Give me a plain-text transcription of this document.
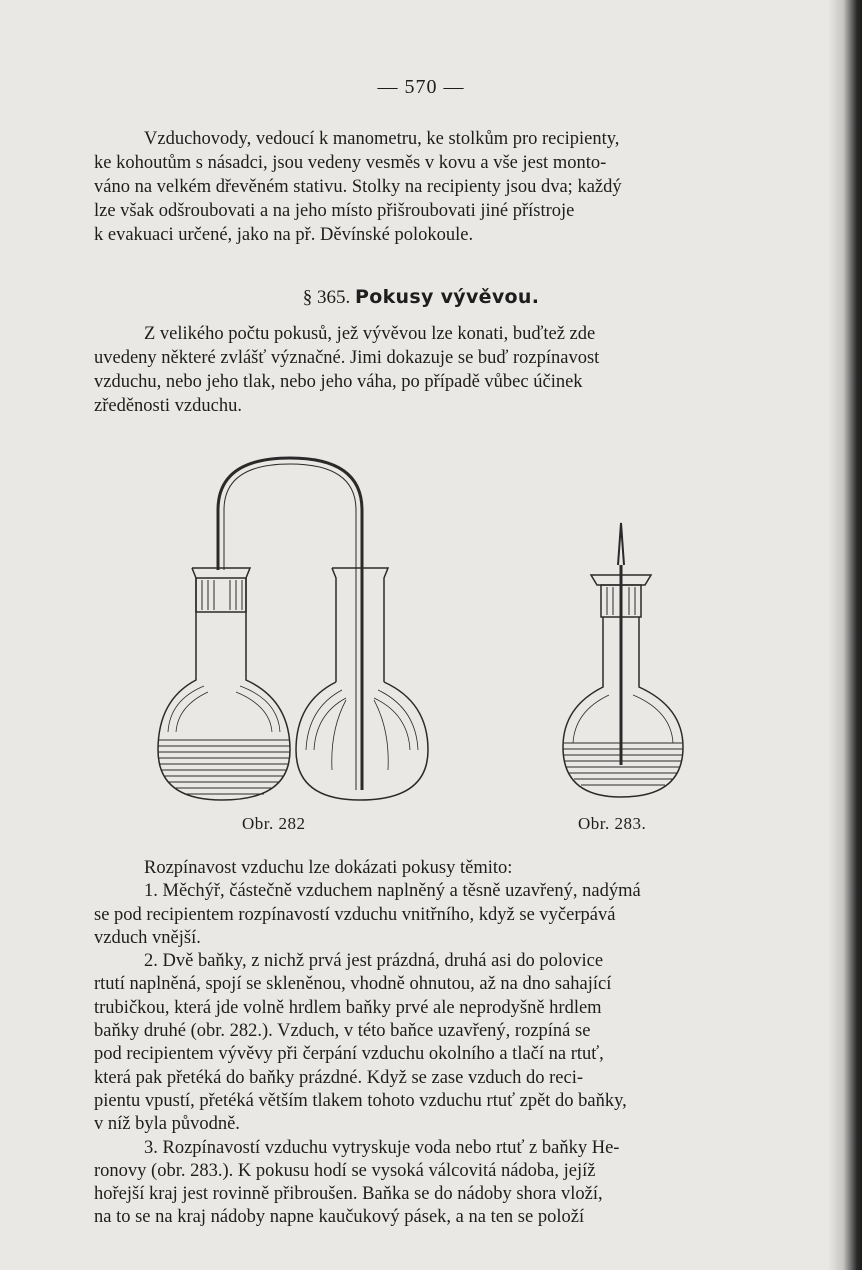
— 570 —

Vzduchovody, vedoucí k manometru, ke stolkům pro recipienty,

ke kohoutům s násadci, jsou vedeny vesměs v kovu a vše jest monto-

váno na velkém dřevěném stativu. Stolky na recipienty jsou dva; každý

lze však odšroubovati a na jeho místo přišroubovati jiné přístroje

k evakuaci určené, jako na př. Děvínské polokoule.

§ 365. Pokusy vývěvou.

Z velikého počtu pokusů, jež vývěvou lze konati, buďtež zde

uvedeny některé zvlášť význačné. Jimi dokazuje se buď rozpínavost

vzduchu, nebo jeho tlak, nebo jeho váha, po případě vůbec účinek

zředěnosti vzduchu.

Obr. 282	Obr. 283.

Rozpínavost vzduchu lze dokázati pokusy těmito:

1. Měchýř, částečně vzduchem naplněný a těsně uzavřený, nadýmá

se pod recipientem rozpínavostí vzduchu vnitřního, když se vyčerpává

vzduch vnější.

2. Dvě baňky, z nichž prvá jest prázdná, druhá asi do polovice

rtutí naplněná, spojí se skleněnou, vhodně ohnutou, až na dno sahající

trubičkou, která jde volně hrdlem baňky prvé ale neprodyšně hrdlem

baňky druhé (obr. 282.). Vzduch, v této baňce uzavřený, rozpíná se

pod recipientem vývěvy při čerpání vzduchu okolního a tlačí na rtuť,

která pak přetéká do baňky prázdné. Když se zase vzduch do reci-

pientu vpustí, přetéká větším tlakem tohoto vzduchu rtuť zpět do baňky,

v níž byla původně.

3. Rozpínavostí vzduchu vytryskuje voda nebo rtuť z baňky He-

ronovy (obr. 283.). K pokusu hodí se vysoká válcovitá nádoba, jejíž

hořejší kraj jest rovinně přibroušen. Baňka se do nádoby shora vloží,

na to se na kraj nádoby napne kaučukový pásek, a na ten se položí
